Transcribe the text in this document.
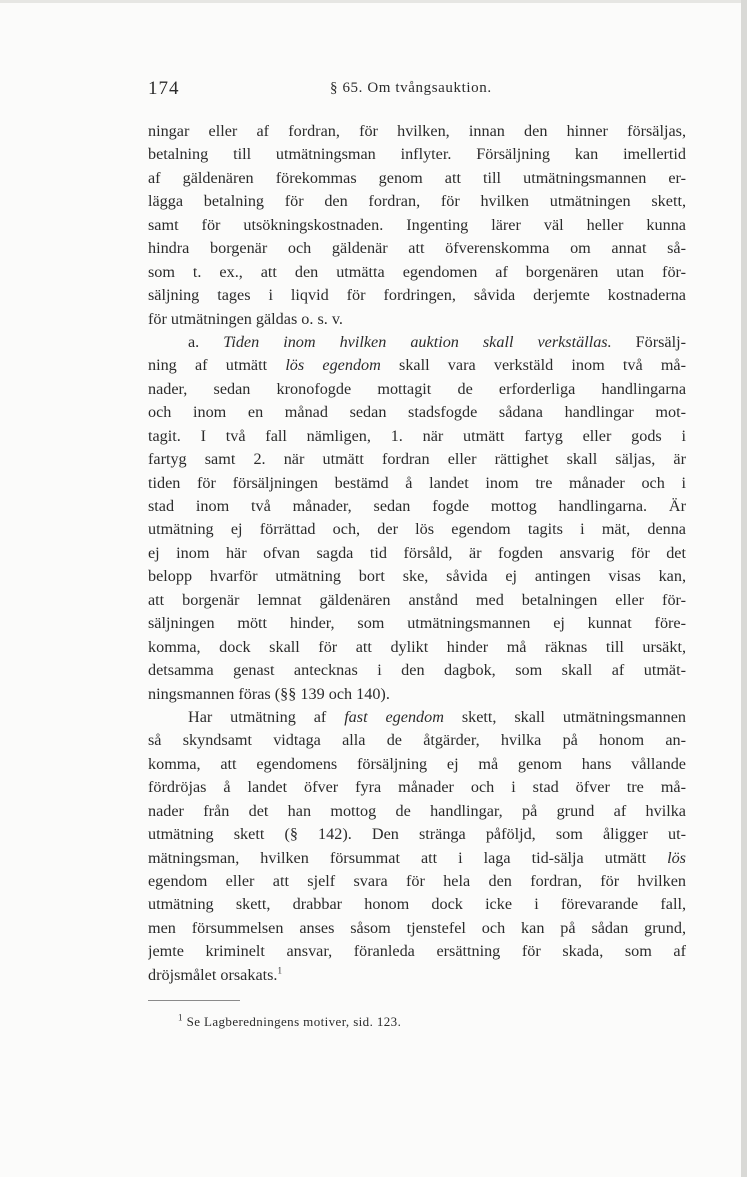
174	§ 65. Om tvångsauktion.
ningar eller af fordran, för hvilken, innan den hinner försäljas,
betalning till utmätningsman inflyter. Försäljning kan imellertid
af gäldenären förekommas genom att till utmätningsmannen er-
lägga betalning för den fordran, för hvilken utmätningen skett,
samt för utsökningskostnaden. Ingenting lärer väl heller kunna
hindra borgenär och gäldenär att öfverenskomma om annat så-
som t. ex., att den utmätta egendomen af borgenären utan för-
säljning tages i liqvid för fordringen, såvida derjemte kostnaderna
för utmätningen gäldas o. s. v.
a. Tiden inom hvilken auktion skall verkställas. Försälj-
ning af utmätt lös egendom skall vara verkstäld inom två må-
nader, sedan kronofogde mottagit de erforderliga handlingarna
och inom en månad sedan stadsfogde sådana handlingar mot-
tagit. I två fall nämligen, 1. när utmätt fartyg eller gods i
fartyg samt 2. när utmätt fordran eller rättighet skall säljas, är
tiden för försäljningen bestämd å landet inom tre månader och i
stad inom två månader, sedan fogde mottog handlingarna. Är
utmätning ej förrättad och, der lös egendom tagits i mät, denna
ej inom här ofvan sagda tid försåld, är fogden ansvarig för det
belopp hvarför utmätning bort ske, såvida ej antingen visas kan,
att borgenär lemnat gäldenären anstånd med betalningen eller för-
säljningen mött hinder, som utmätningsmannen ej kunnat före-
komma, dock skall för att dylikt hinder må räknas till ursäkt,
detsamma genast antecknas i den dagbok, som skall af utmät-
ningsmannen föras (§§ 139 och 140).
Har utmätning af fast egendom skett, skall utmätningsmannen
så skyndsamt vidtaga alla de åtgärder, hvilka på honom an-
komma, att egendomens försäljning ej må genom hans vållande
fördröjas å landet öfver fyra månader och i stad öfver tre må-
nader från det han mottog de handlingar, på grund af hvilka
utmätning skett (§ 142). Den stränga påföljd, som åligger ut-
mätningsman, hvilken försummat att i laga tid-sälja utmätt lös
egendom eller att sjelf svara för hela den fordran, för hvilken
utmätning skett, drabbar honom dock icke i förevarande fall,
men försummelsen anses såsom tjenstefel och kan på sådan grund,
jemte kriminelt ansvar, föranleda ersättning för skada, som af
dröjsmålet orsakats.$^1$
$^1$ Se Lagberedningens motiver, sid. 123.
